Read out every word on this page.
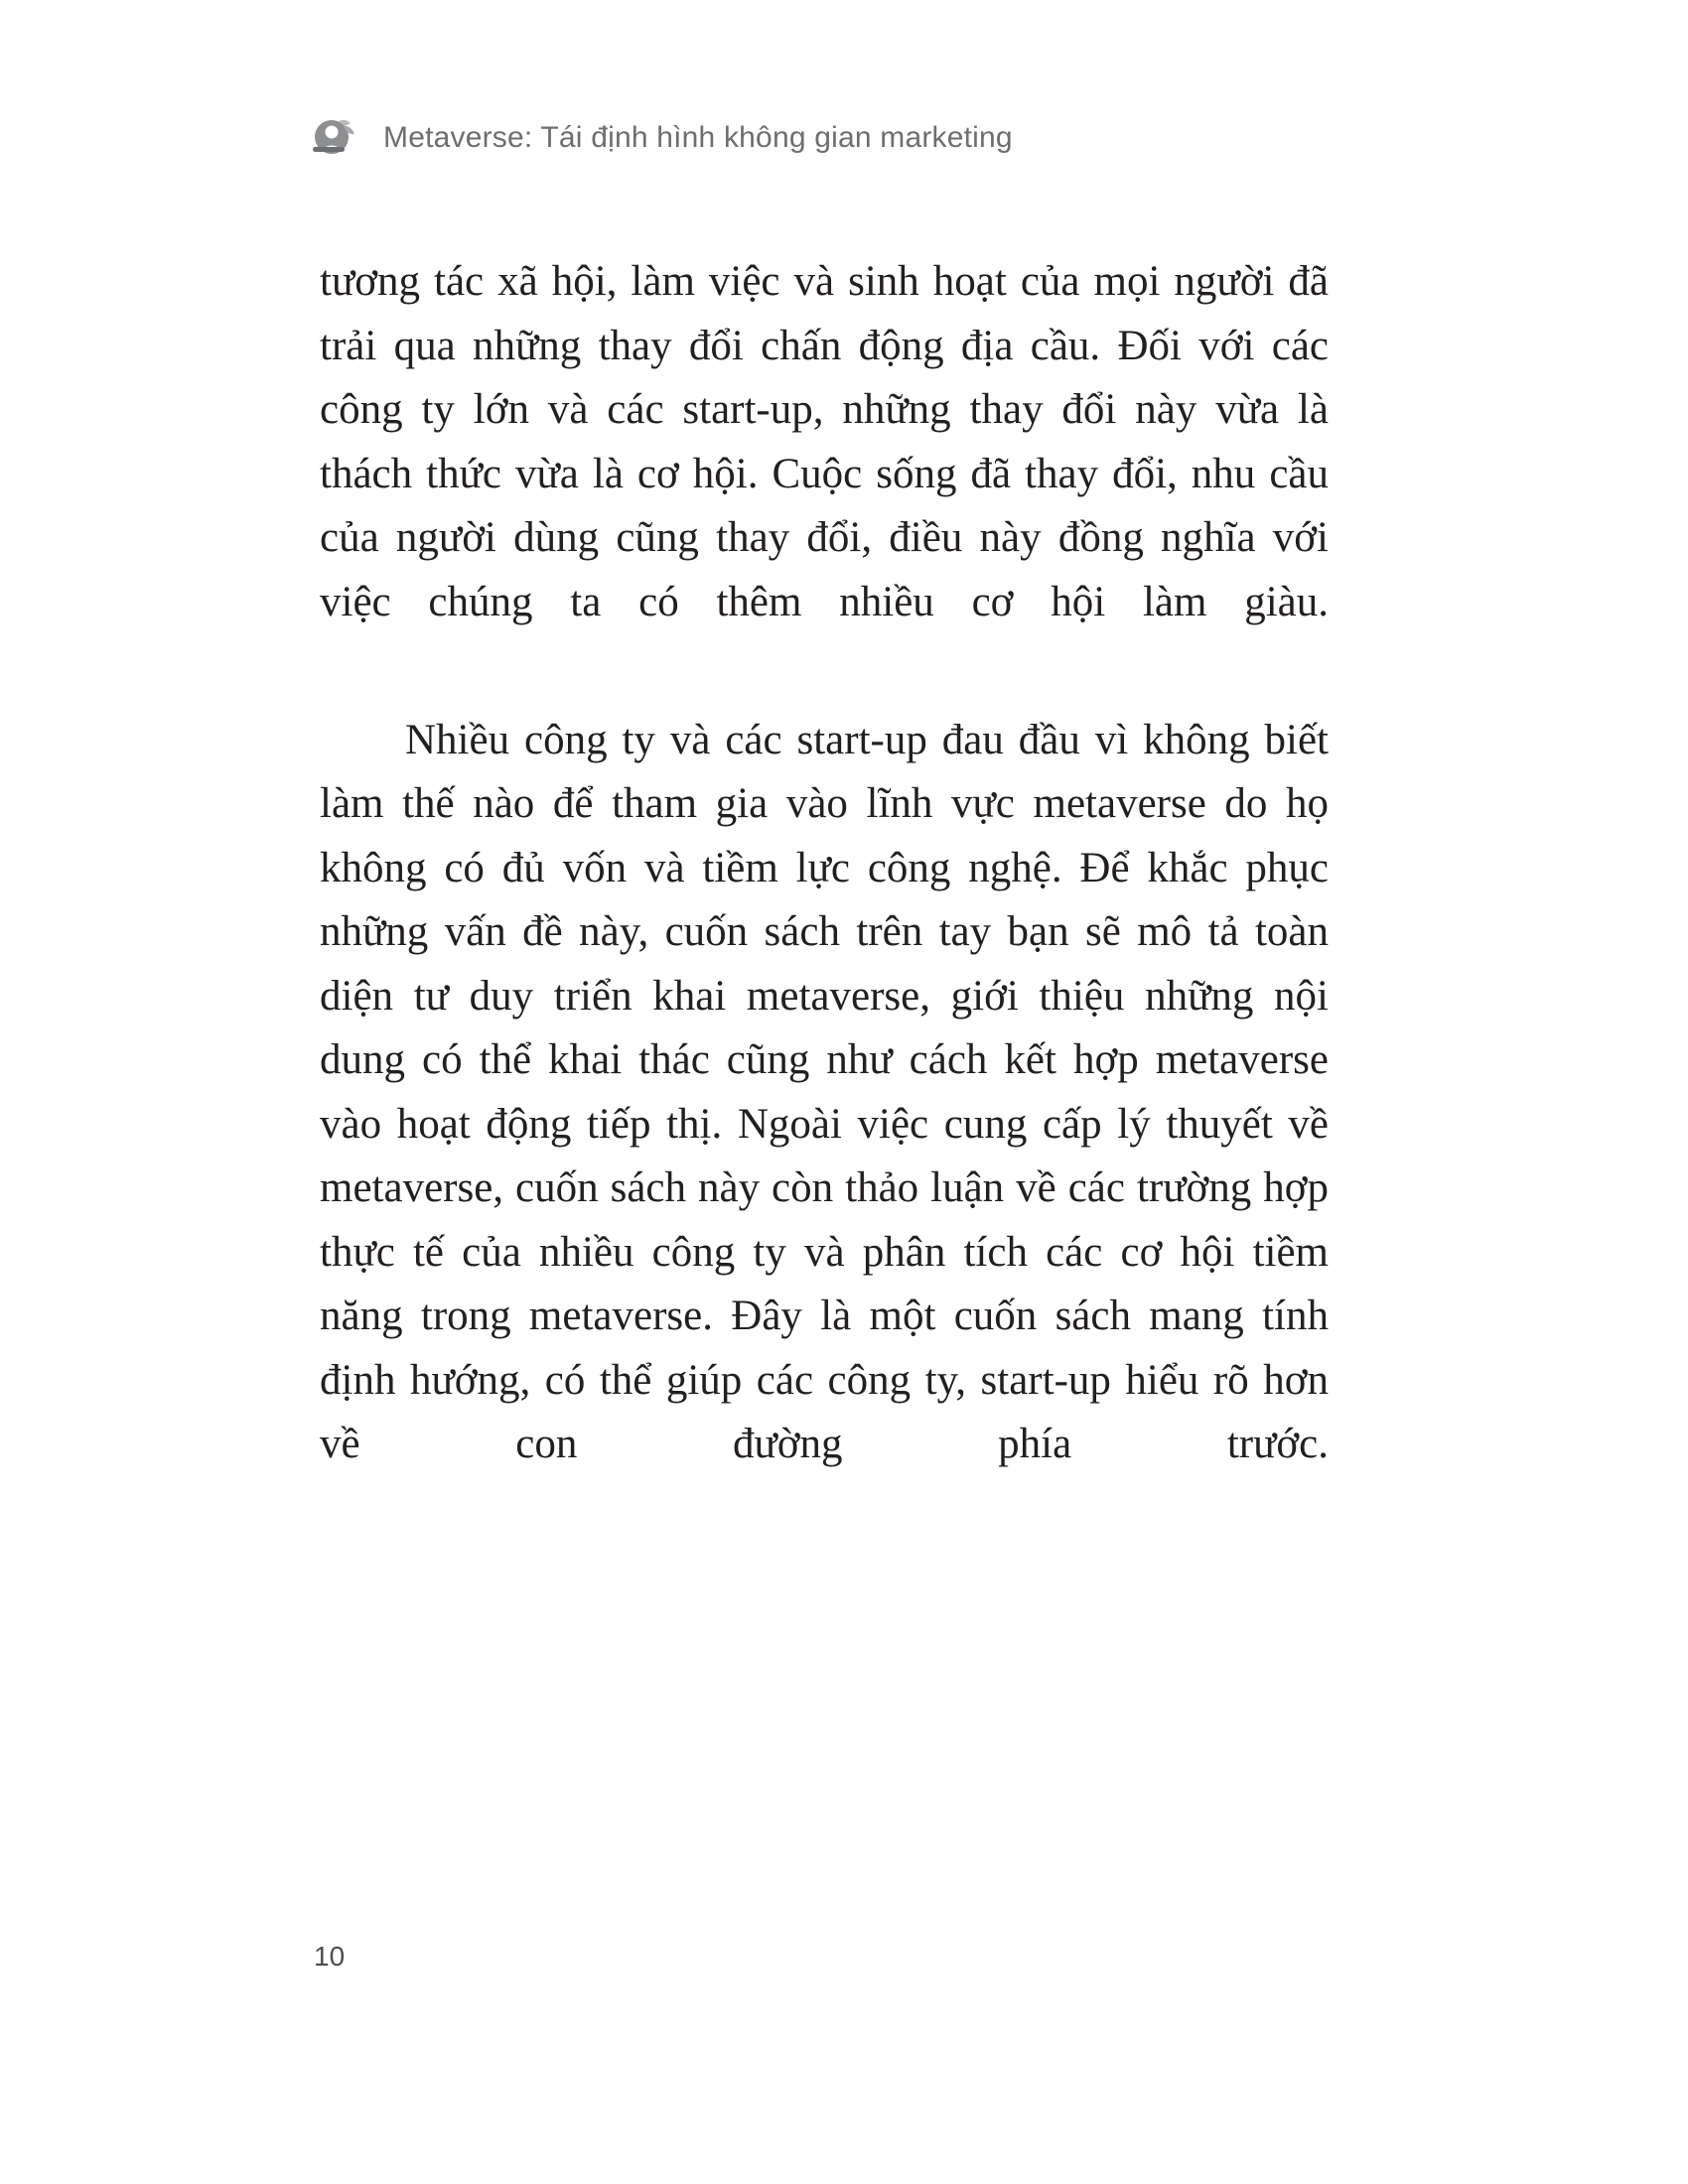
Metaverse: Tái định hình không gian marketing

tương tác xã hội, làm việc và sinh hoạt của mọi người đã trải qua những thay đổi chấn động địa cầu. Đối với các công ty lớn và các start-up, những thay đổi này vừa là thách thức vừa là cơ hội. Cuộc sống đã thay đổi, nhu cầu của người dùng cũng thay đổi, điều này đồng nghĩa với việc chúng ta có thêm nhiều cơ hội làm giàu.

Nhiều công ty và các start-up đau đầu vì không biết làm thế nào để tham gia vào lĩnh vực metaverse do họ không có đủ vốn và tiềm lực công nghệ. Để khắc phục những vấn đề này, cuốn sách trên tay bạn sẽ mô tả toàn diện tư duy triển khai metaverse, giới thiệu những nội dung có thể khai thác cũng như cách kết hợp metaverse vào hoạt động tiếp thị. Ngoài việc cung cấp lý thuyết về metaverse, cuốn sách này còn thảo luận về các trường hợp thực tế của nhiều công ty và phân tích các cơ hội tiềm năng trong metaverse. Đây là một cuốn sách mang tính định hướng, có thể giúp các công ty, start-up hiểu rõ hơn về con đường phía trước.

10
